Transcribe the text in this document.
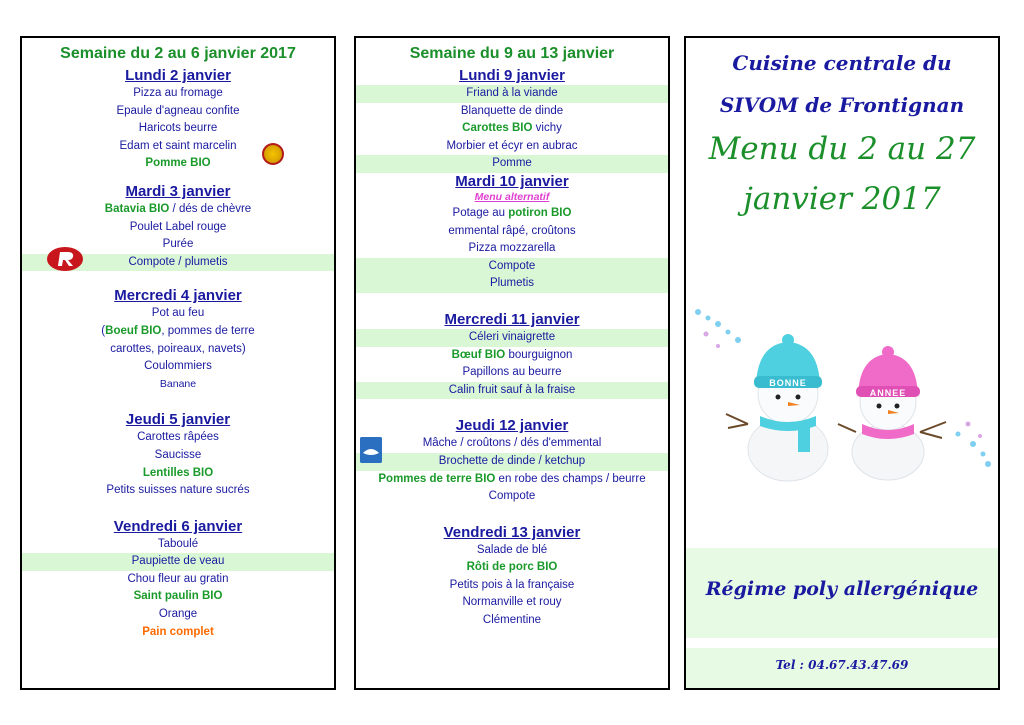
Semaine du 2 au 6 janvier 2017
Lundi 2 janvier
Pizza au fromage
Epaule d'agneau confite
Haricots beurre
Edam et saint marcelin
Pomme BIO
Mardi 3 janvier
Batavia BIO / dés de chèvre
Poulet Label rouge
Purée
Compote / plumetis
Mercredi 4 janvier
Pot au feu
(Boeuf BIO, pommes de terre
carottes, poireaux, navets)
Coulommiers
Banane
Jeudi 5 janvier
Carottes râpées
Saucisse
Lentilles BIO
Petits suisses nature sucrés
Vendredi 6 janvier
Taboulé
Paupiette de veau
Chou fleur au gratin
Saint paulin BIO
Orange
Pain complet
Semaine du 9 au 13 janvier
Lundi 9 janvier
Friand à la viande
Blanquette de dinde
Carottes BIO vichy
Morbier et écyr en aubrac
Pomme
Mardi 10 janvier
Menu alternatif
Potage au potiron BIO
emmental râpé, croûtons
Pizza mozzarella
Compote
Plumetis
Mercredi 11 janvier
Céleri vinaigrette
Bœuf BIO bourguignon
Papillons au beurre
Calin fruit sauf à la fraise
Jeudi 12 janvier
Mâche / croûtons / dés d'emmental
Brochette de dinde / ketchup
Pommes de terre BIO en robe des champs / beurre
Compote
Vendredi 13 janvier
Salade de blé
Rôti de porc BIO
Petits pois à la française
Normanville et rouy
Clémentine
Cuisine centrale du SIVOM de Frontignan
Menu du 2 au 27 janvier 2017
BONNE
ANNEE
Régime poly allergénique
Tel : 04.67.43.47.69
